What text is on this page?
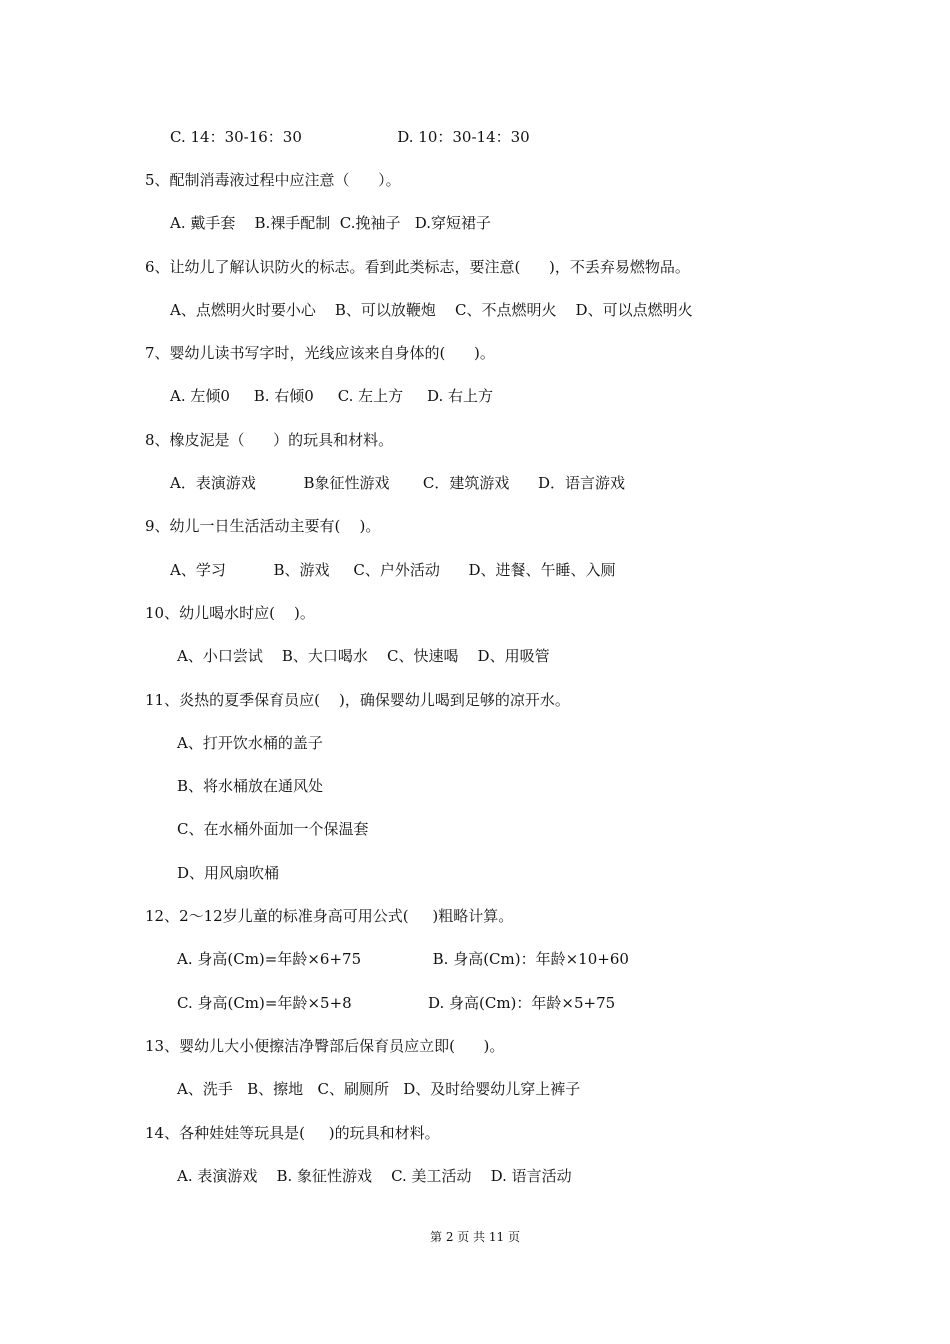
C. 14：30-16：30                    D. 10：30-14：30

5、配制消毒液过程中应注意（      ）。

A. 戴手套    B.裸手配制  C.挽袖子   D.穿短裙子

6、让幼儿了解认识防火的标志。看到此类标志，要注意(      )，不丢弃易燃物品。

A、点燃明火时要小心    B、可以放鞭炮    C、不点燃明火    D、可以点燃明火

7、婴幼儿读书写字时，光线应该来自身体的(      )。

A. 左倾0     B. 右倾0     C. 左上方     D. 右上方

8、橡皮泥是（      ）的玩具和材料。

A．表演游戏          B象征性游戏       C．建筑游戏      D．语言游戏

9、幼儿一日生活活动主要有(    )。

A、学习          B、游戏     C、户外活动      D、进餐、午睡、入厕

10、幼儿喝水时应(    )。

A、小口尝试    B、大口喝水    C、快速喝    D、用吸管

11、炎热的夏季保育员应(    )，确保婴幼儿喝到足够的凉开水。

A、打开饮水桶的盖子

B、将水桶放在通风处

C、在水桶外面加一个保温套

D、用风扇吹桶

12、2～12岁儿童的标准身高可用公式(     )粗略计算。

A. 身高(Cm)=年龄×6+75               B. 身高(Cm)：年龄×10+60

C. 身高(Cm)=年龄×5+8                D. 身高(Cm)：年龄×5+75

13、婴幼儿大小便擦洁净臀部后保育员应立即(      )。

A、洗手   B、擦地   C、刷厕所   D、及时给婴幼儿穿上裤子

14、各种娃娃等玩具是(     )的玩具和材料。

A. 表演游戏    B. 象征性游戏    C. 美工活动    D. 语言活动

第 2 页 共 11 页
